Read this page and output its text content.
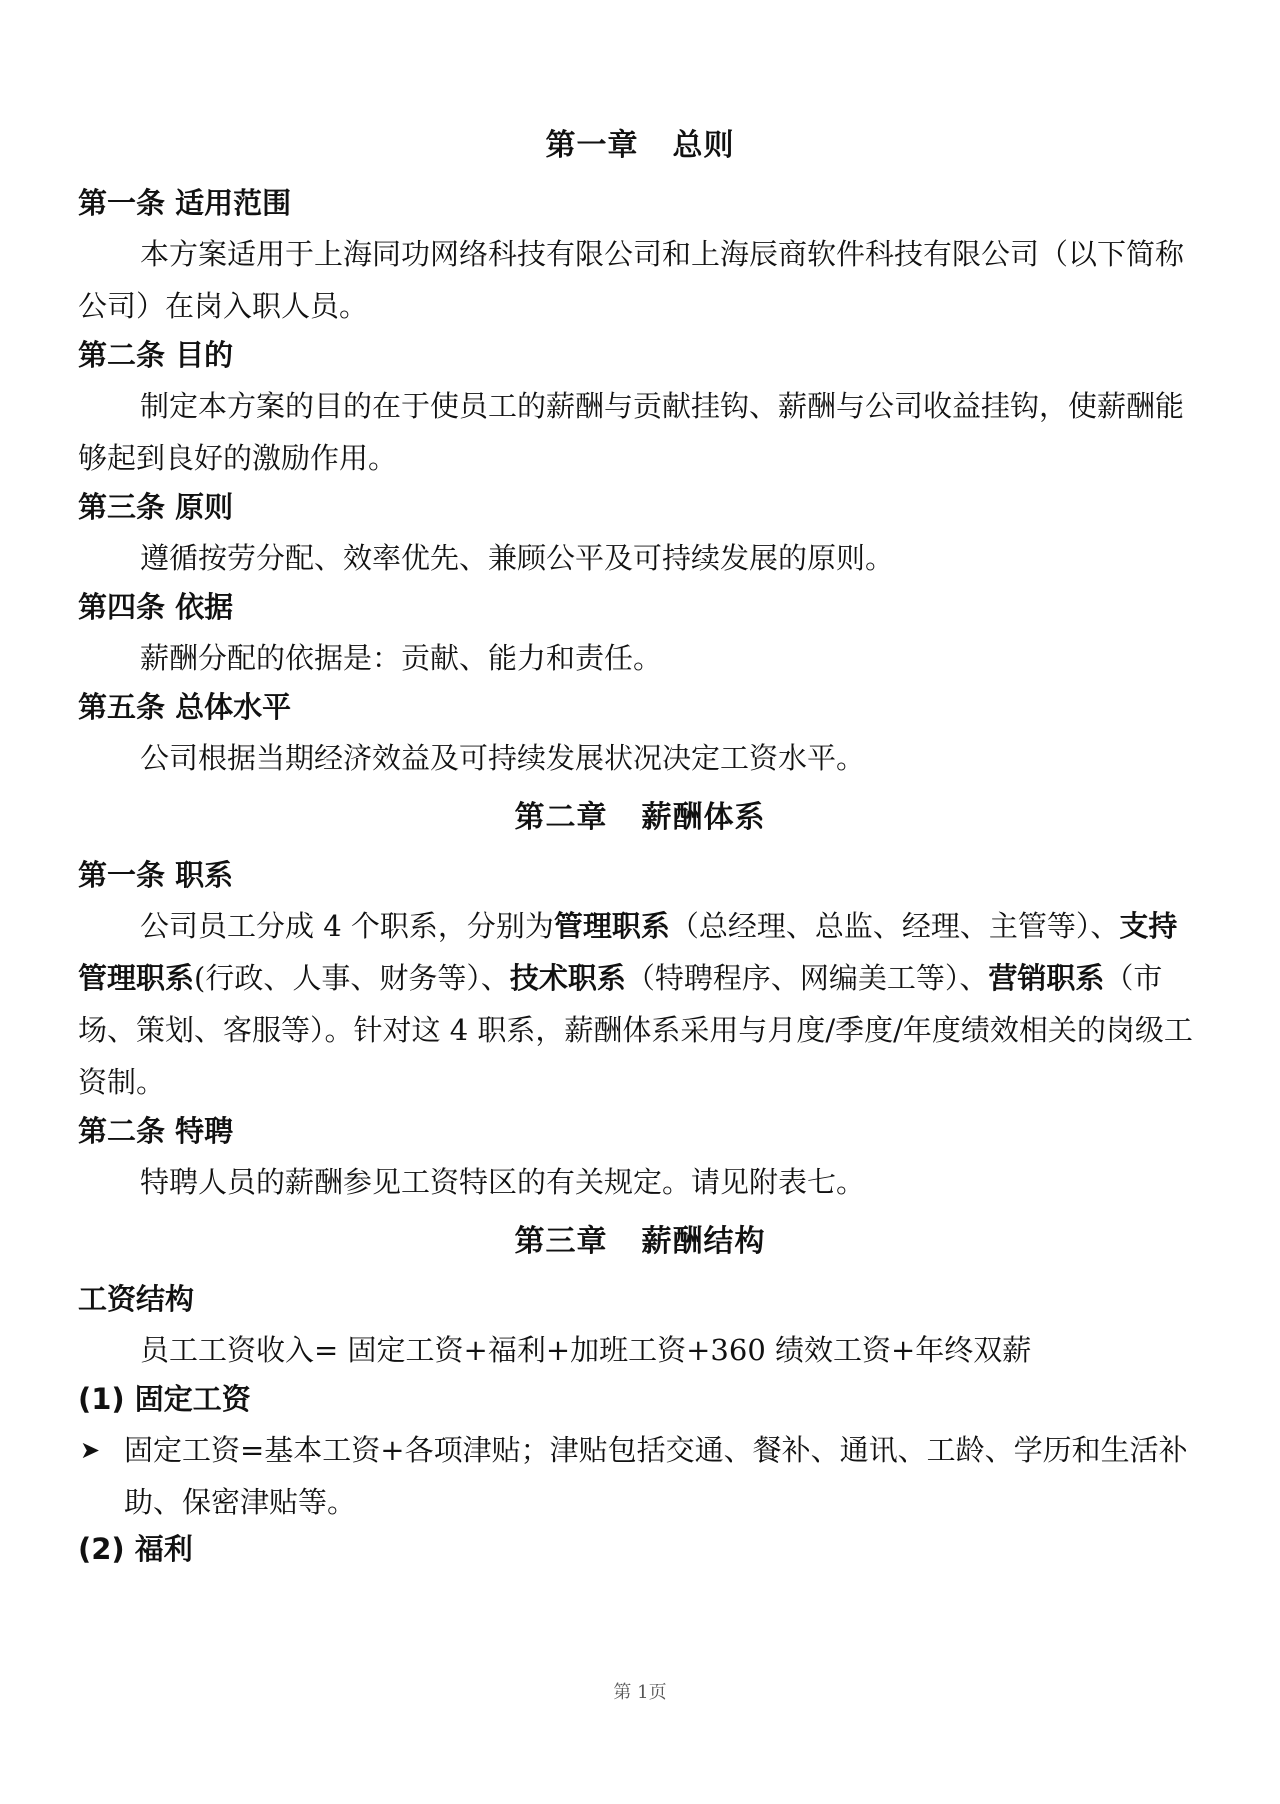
第一章 总则
第一条 适用范围
本方案适用于上海同功网络科技有限公司和上海辰商软件科技有限公司（以下简称公司）在岗入职人员。
第二条 目的
制定本方案的目的在于使员工的薪酬与贡献挂钩、薪酬与公司收益挂钩，使薪酬能够起到良好的激励作用。
第三条 原则
遵循按劳分配、效率优先、兼顾公平及可持续发展的原则。
第四条 依据
薪酬分配的依据是：贡献、能力和责任。
第五条 总体水平
公司根据当期经济效益及可持续发展状况决定工资水平。
第二章 薪酬体系
第一条 职系
公司员工分成 4 个职系，分别为管理职系（总经理、总监、经理、主管等）、支持管理职系(行政、人事、财务等）、技术职系（特聘程序、网编美工等）、营销职系（市场、策划、客服等）。针对这 4 职系，薪酬体系采用与月度/季度/年度绩效相关的岗级工资制。
第二条 特聘
特聘人员的薪酬参见工资特区的有关规定。请见附表七。
第三章 薪酬结构
工资结构
员工工资收入= 固定工资+福利+加班工资+360 绩效工资+年终双薪
(1) 固定工资
➤ 固定工资=基本工资+各项津贴；津贴包括交通、餐补、通讯、工龄、学历和生活补助、保密津贴等。
(2) 福利
第 1页
